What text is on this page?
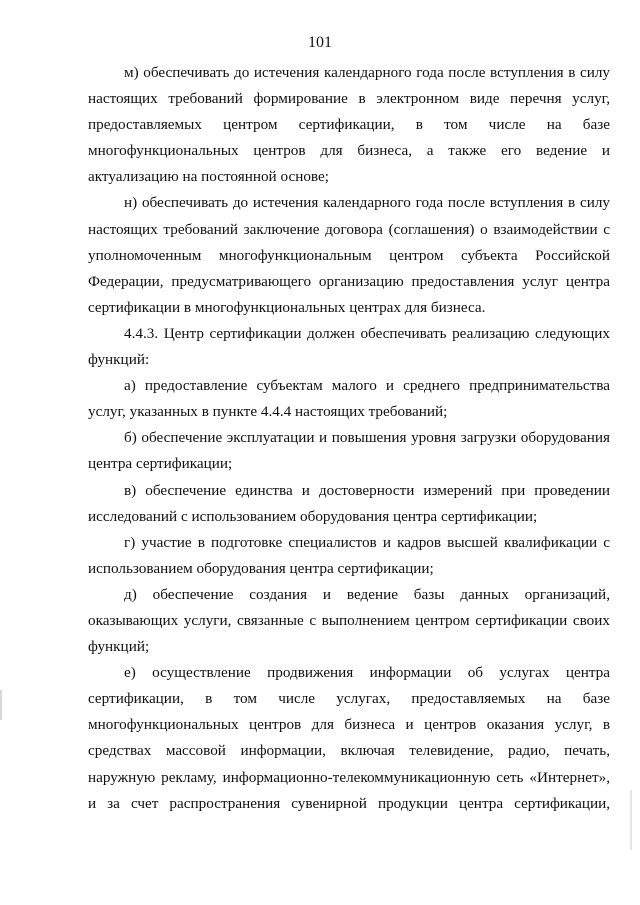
101

м) обеспечивать до истечения календарного года после вступления в силу настоящих требований формирование в электронном виде перечня услуг, предоставляемых центром сертификации, в том числе на базе многофункциональных центров для бизнеса, а также его ведение и актуализацию на постоянной основе;

н) обеспечивать до истечения календарного года после вступления в силу настоящих требований заключение договора (соглашения) о взаимодействии с уполномоченным многофункциональным центром субъекта Российской Федерации, предусматривающего организацию предоставления услуг центра сертификации в многофункциональных центрах для бизнеса.

4.4.3. Центр сертификации должен обеспечивать реализацию следующих функций:

а) предоставление субъектам малого и среднего предпринимательства услуг, указанных в пункте 4.4.4 настоящих требований;

б) обеспечение эксплуатации и повышения уровня загрузки оборудования центра сертификации;

в) обеспечение единства и достоверности измерений при проведении исследований с использованием оборудования центра сертификации;

г) участие в подготовке специалистов и кадров высшей квалификации с использованием оборудования центра сертификации;

д) обеспечение создания и ведение базы данных организаций, оказывающих услуги, связанные с выполнением центром сертификации своих функций;

е) осуществление продвижения информации об услугах центра сертификации, в том числе услугах, предоставляемых на базе многофункциональных центров для бизнеса и центров оказания услуг, в средствах массовой информации, включая телевидение, радио, печать, наружную рекламу, информационно-телекоммуникационную сеть «Интернет», и за счет распространения сувенирной продукции центра сертификации,
